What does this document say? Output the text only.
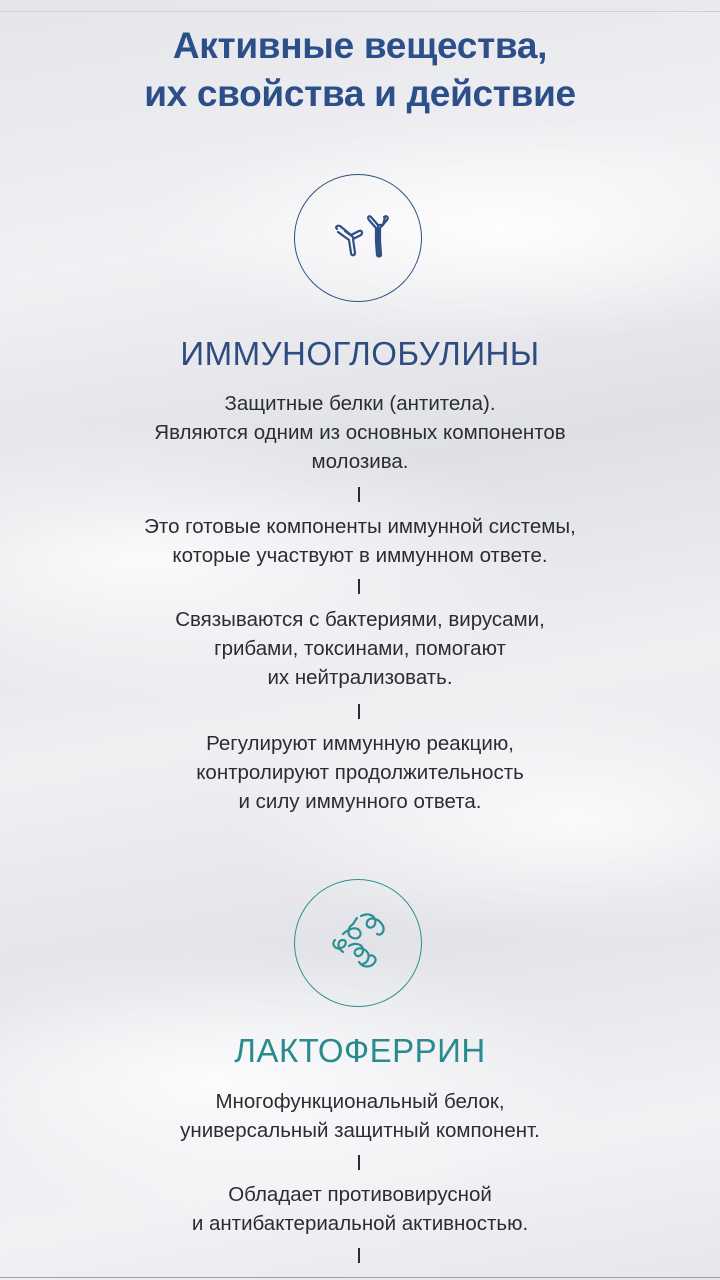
Активные вещества,
их свойства и действие
ИММУНОГЛОБУЛИНЫ
Защитные белки (антитела).
Являются одним из основных компонентов
молозива.
Это готовые компоненты иммунной системы,
которые участвуют в иммунном ответе.
Связываются с бактериями, вирусами,
грибами, токсинами, помогают
их нейтрализовать.
Регулируют иммунную реакцию,
контролируют продолжительность
и силу иммунного ответа.
ЛАКТОФЕРРИН
Многофункциональный белок,
универсальный защитный компонент.
Обладает противовирусной
и антибактериальной активностью.
